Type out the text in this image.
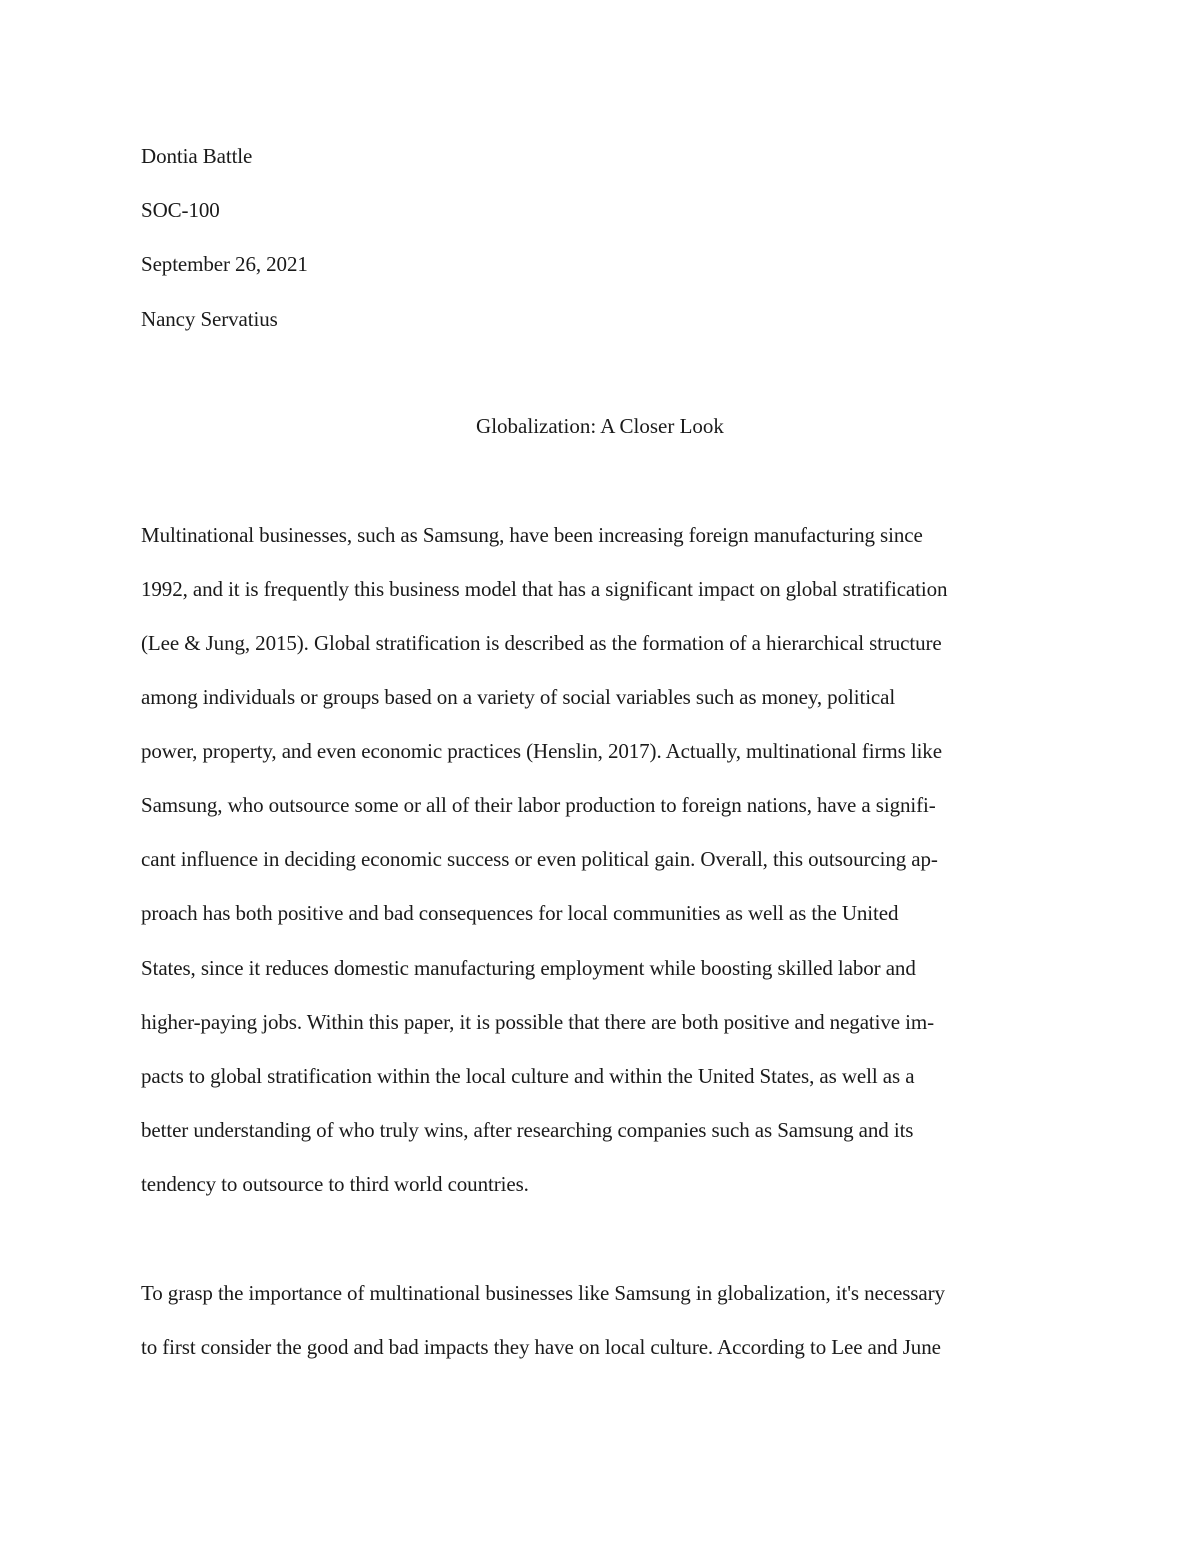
Dontia Battle
SOC-100
September 26, 2021
Nancy Servatius
Globalization: A Closer Look
Multinational businesses, such as Samsung, have been increasing foreign manufacturing since
1992, and it is frequently this business model that has a significant impact on global stratification
(Lee & Jung, 2015). Global stratification is described as the formation of a hierarchical structure
among individuals or groups based on a variety of social variables such as money, political
power, property, and even economic practices (Henslin, 2017). Actually, multinational firms like
Samsung, who outsource some or all of their labor production to foreign nations, have a signifi-
cant influence in deciding economic success or even political gain. Overall, this outsourcing ap-
proach has both positive and bad consequences for local communities as well as the United
States, since it reduces domestic manufacturing employment while boosting skilled labor and
higher-paying jobs. Within this paper, it is possible that there are both positive and negative im-
pacts to global stratification within the local culture and within the United States, as well as a
better understanding of who truly wins, after researching companies such as Samsung and its
tendency to outsource to third world countries.
To grasp the importance of multinational businesses like Samsung in globalization, it's necessary
to first consider the good and bad impacts they have on local culture. According to Lee and June
